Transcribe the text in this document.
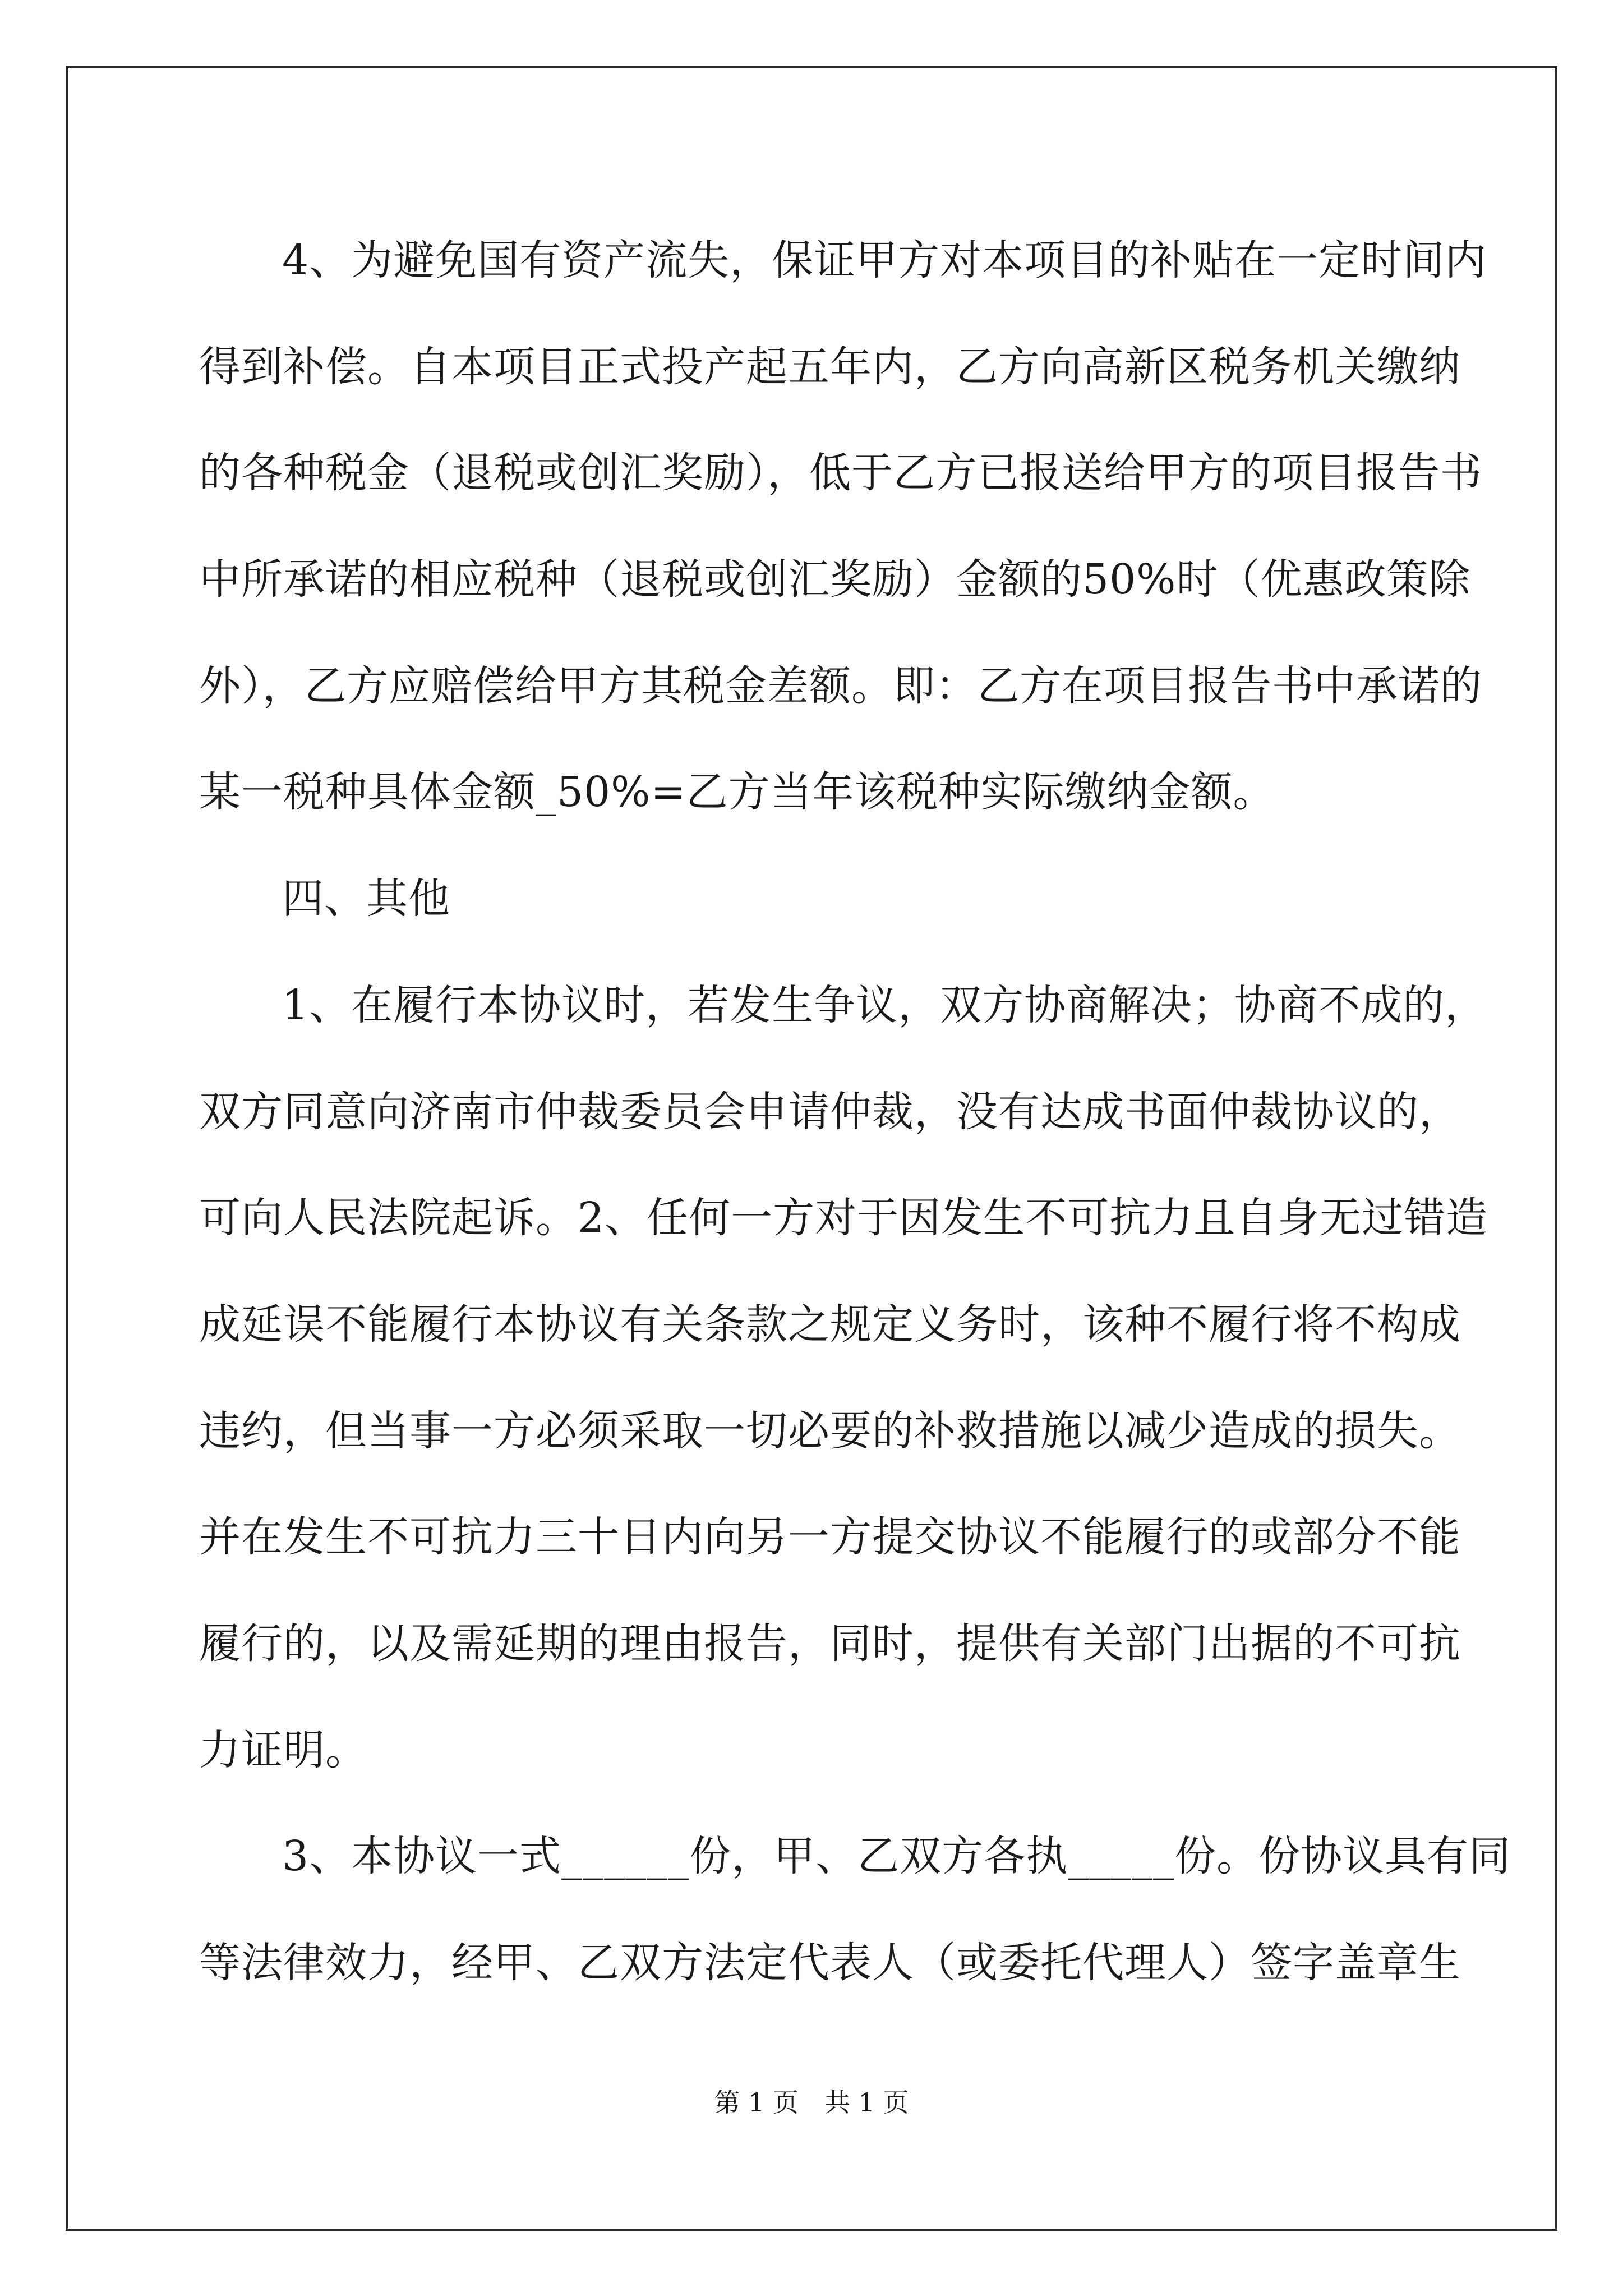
4、为避免国有资产流失，保证甲方对本项目的补贴在一定时间内
得到补偿。自本项目正式投产起五年内，乙方向高新区税务机关缴纳
的各种税金（退税或创汇奖励），低于乙方已报送给甲方的项目报告书
中所承诺的相应税种（退税或创汇奖励）金额的50%时（优惠政策除
外），乙方应赔偿给甲方其税金差额。即：乙方在项目报告书中承诺的
某一税种具体金额_50%=乙方当年该税种实际缴纳金额。
四、其他
1、在履行本协议时，若发生争议，双方协商解决；协商不成的，
双方同意向济南市仲裁委员会申请仲裁，没有达成书面仲裁协议的，
可向人民法院起诉。2、任何一方对于因发生不可抗力且自身无过错造
成延误不能履行本协议有关条款之规定义务时，该种不履行将不构成
违约，但当事一方必须采取一切必要的补救措施以减少造成的损失。
并在发生不可抗力三十日内向另一方提交协议不能履行的或部分不能
履行的，以及需延期的理由报告，同时，提供有关部门出据的不可抗
力证明。
3、本协议一式______份，甲、乙双方各执_____份。份协议具有同
等法律效力，经甲、乙双方法定代表人（或委托代理人）签字盖章生
第 1 页　共 1 页
